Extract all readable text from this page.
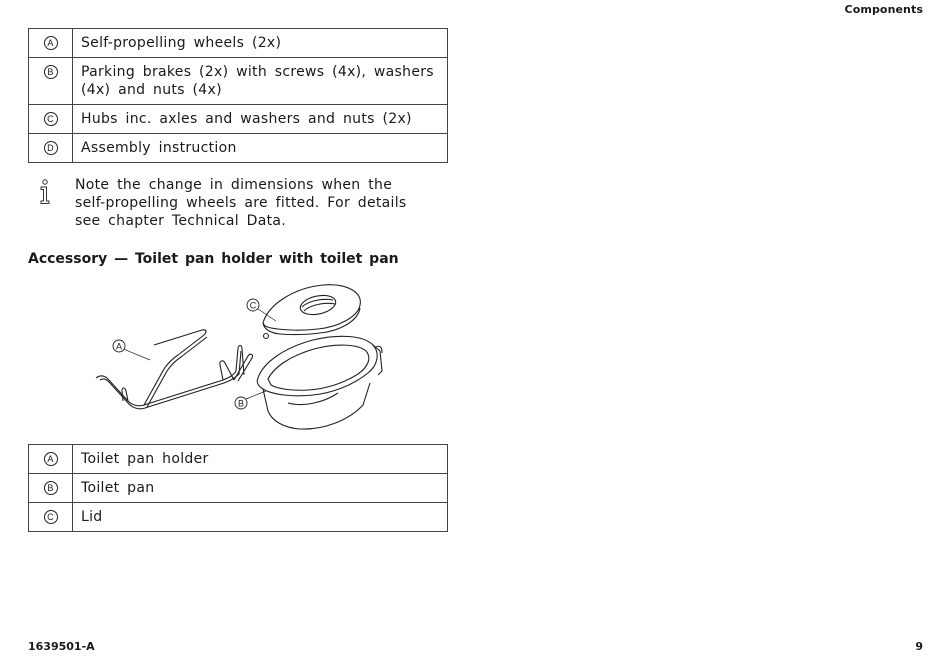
Components
A	Self-propelling wheels (2x)
B	Parking brakes (2x) with screws (4x), washers (4x) and nuts (4x)
C	Hubs inc. axles and washers and nuts (2x)
D	Assembly instruction
Note the change in dimensions when the self-propelling wheels are fitted. For details see chapter Technical Data.
Accessory — Toilet pan holder with toilet pan
A
C
B
A	Toilet pan holder
B	Toilet pan
C	Lid
1639501-A	9
